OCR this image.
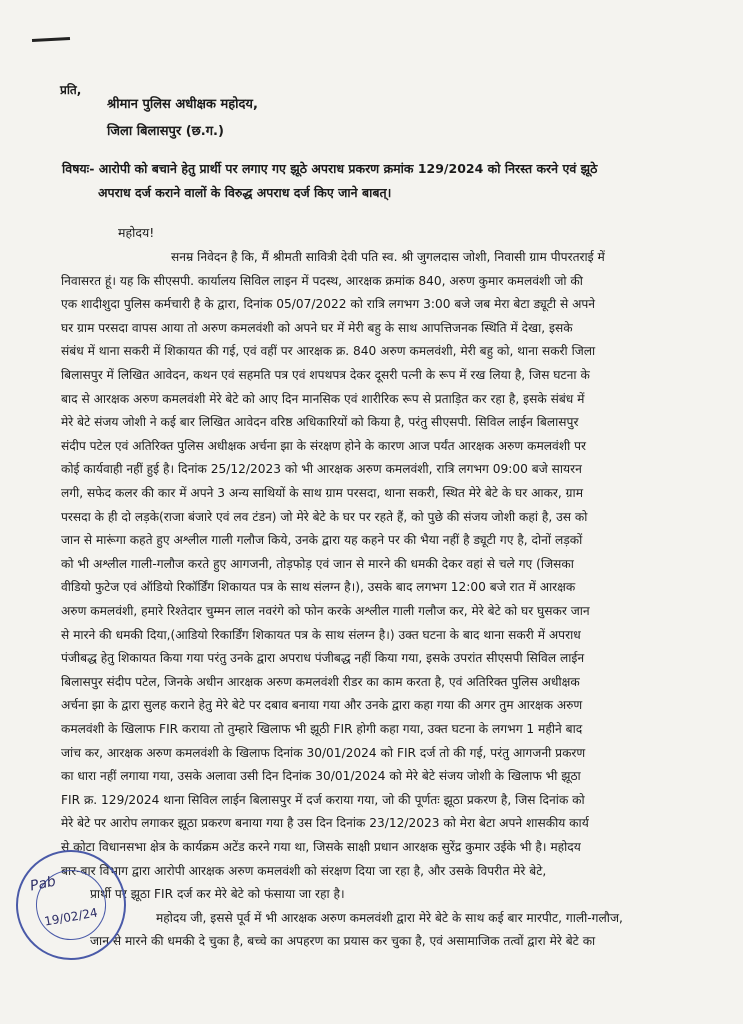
प्रति,
श्रीमान पुलिस अधीक्षक महोदय,
जिला बिलासपुर (छ.ग.)
विषयः- आरोपी को बचाने हेतु प्रार्थी पर लगाए गए झूठे अपराध प्रकरण क्रमांक 129/2024 को निरस्त करने एवं झूठे
अपराध दर्ज कराने वालों के विरुद्ध अपराध दर्ज किए जाने बाबत्।
महोदय!
सनम्र निवेदन है कि, मैं श्रीमती सावित्री देवी पति स्व. श्री जुगलदास जोशी, निवासी ग्राम पीपरतराई में
निवासरत हूं। यह कि सीएसपी. कार्यालय सिविल लाइन में पदस्थ, आरक्षक क्रमांक 840, अरुण कुमार कमलवंशी जो की
एक शादीशुदा पुलिस कर्मचारी है के द्वारा, दिनांक 05/07/2022 को रात्रि लगभग 3:00 बजे जब मेरा बेटा ड्यूटी से अपने
घर ग्राम परसदा वापस आया तो अरुण कमलवंशी को अपने घर में मेरी बहु के साथ आपत्तिजनक स्थिति में देखा, इसके
संबंध में थाना सकरी में शिकायत की गई, एवं वहीं पर आरक्षक क्र. 840 अरुण कमलवंशी, मेरी बहु को, थाना सकरी जिला
बिलासपुर में लिखित आवेदन, कथन एवं सहमति पत्र एवं शपथपत्र देकर दूसरी पत्नी के रूप में रख लिया है, जिस घटना के
बाद से आरक्षक अरुण कमलवंशी मेरे बेटे को आए दिन मानसिक एवं शारीरिक रूप से प्रताड़ित कर रहा है, इसके संबंध में
मेरे बेटे संजय जोशी ने कई बार लिखित आवेदन वरिष्ठ अधिकारियों को किया है, परंतु सीएसपी. सिविल लाईन बिलासपुर
संदीप पटेल एवं अतिरिक्त पुलिस अधीक्षक अर्चना झा के संरक्षण होने के कारण आज पर्यंत आरक्षक अरुण कमलवंशी पर
कोई कार्यवाही नहीं हुई है। दिनांक 25/12/2023 को भी आरक्षक अरुण कमलवंशी, रात्रि लगभग 09:00 बजे सायरन
लगी, सफेद कलर की कार में अपने 3 अन्य साथियों के साथ ग्राम परसदा, थाना सकरी, स्थित मेरे बेटे के घर आकर, ग्राम
परसदा के ही दो लड़के(राजा बंजारे एवं लव टंडन) जो मेरे बेटे के घर पर रहते हैं, को पुछे की संजय जोशी कहां है, उस को
जान से मारूंगा कहते हुए अश्लील गाली गलौज किये, उनके द्वारा यह कहने पर की भैया नहीं है ड्यूटी गए है, दोनों लड़कों
को भी अश्लील गाली-गलौज करते हुए आगजनी, तोड़फोड़ एवं जान से मारने की धमकी देकर वहां से चले गए (जिसका
वीडियो फुटेज एवं ऑडियो रिकॉर्डिंग शिकायत पत्र के साथ संलग्न है।), उसके बाद लगभग 12:00 बजे रात में आरक्षक
अरुण कमलवंशी, हमारे रिश्तेदार चुम्मन लाल नवरंगे को फोन करके अश्लील गाली गलौज कर, मेरे बेटे को घर घुसकर जान
से मारने की धमकी दिया,(आडियो रिकार्डिंग शिकायत पत्र के साथ संलग्न है।) उक्त घटना के बाद थाना सकरी में अपराध
पंजीबद्ध हेतु शिकायत किया गया परंतु उनके द्वारा अपराध पंजीबद्ध नहीं किया गया, इसके उपरांत सीएसपी सिविल लाईन
बिलासपुर संदीप पटेल, जिनके अधीन आरक्षक अरुण कमलवंशी रीडर का काम करता है, एवं अतिरिक्त पुलिस अधीक्षक
अर्चना झा के द्वारा सुलह कराने हेतु मेरे बेटे पर दबाव बनाया गया और उनके द्वारा कहा गया की अगर तुम आरक्षक अरुण
कमलवंशी के खिलाफ FIR कराया तो तुम्हारे खिलाफ भी झूठी FIR होगी कहा गया, उक्त घटना के लगभग 1 महीने बाद
जांच कर, आरक्षक अरुण कमलवंशी के खिलाफ दिनांक 30/01/2024 को FIR दर्ज तो की गई, परंतु आगजनी प्रकरण
का धारा नहीं लगाया गया, उसके अलावा उसी दिन दिनांक 30/01/2024 को मेरे बेटे संजय जोशी के खिलाफ भी झूठा
FIR क्र. 129/2024 थाना सिविल लाईन बिलासपुर में दर्ज कराया गया, जो की पूर्णतः झूठा प्रकरण है, जिस दिनांक को
मेरे बेटे पर आरोप लगाकर झूठा प्रकरण बनाया गया है उस दिन दिनांक 23/12/2023 को मेरा बेटा अपने शासकीय कार्य
से कोटा विधानसभा क्षेत्र के कार्यक्रम अटेंड करने गया था, जिसके साक्षी प्रधान आरक्षक सुरेंद्र कुमार उईके भी है। महोदय
बार-बार विभाग द्वारा आरोपी आरक्षक अरुण कमलवंशी को संरक्षण दिया जा रहा है, और उसके विपरीत मेरे बेटे,
प्रार्थी पर झूठा FIR दर्ज कर मेरे बेटे को फंसाया जा रहा है।
महोदय जी, इससे पूर्व में भी आरक्षक अरुण कमलवंशी द्वारा मेरे बेटे के साथ कई बार मारपीट, गाली-गलौज,
जान से मारने की धमकी दे चुका है, बच्चे का अपहरण का प्रयास कर चुका है, एवं असामाजिक तत्वों द्वारा मेरे बेटे का
Pab
19/02/24
